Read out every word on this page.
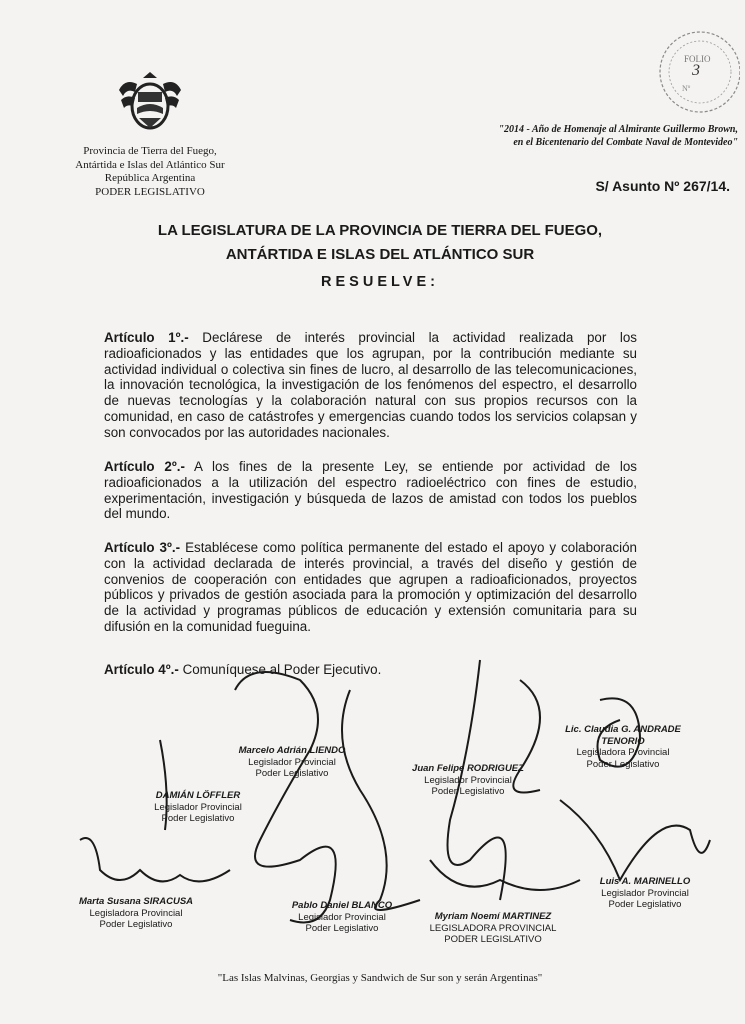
Provincia de Tierra del Fuego,
Antártida e Islas del Atlántico Sur
República Argentina
PODER LEGISLATIVO
FOLIO
3
Nº
"2014 - Año de Homenaje al Almirante Guillermo Brown,
en el Bicentenario del Combate Naval de Montevideo"
S/ Asunto Nº 267/14.
LA LEGISLATURA DE LA PROVINCIA DE TIERRA DEL FUEGO,
ANTÁRTIDA E ISLAS DEL ATLÁNTICO SUR
RESUELVE:
Artículo 1º.- Declárese de interés provincial la actividad realizada por los radioaficionados y las entidades que los agrupan, por la contribución mediante su actividad individual o colectiva sin fines de lucro, al desarrollo de las telecomunicaciones, la innovación tecnológica, la investigación de los fenómenos del espectro, el desarrollo de nuevas tecnologías y la colaboración natural con sus propios recursos con la comunidad, en caso de catástrofes y emergencias cuando todos los servicios colapsan y son convocados por las autoridades nacionales.
Artículo 2º.- A los fines de la presente Ley, se entiende por actividad de los radioaficionados a la utilización del espectro radioeléctrico con fines de estudio, experimentación, investigación y búsqueda de lazos de amistad con todos los pueblos del mundo.
Artículo 3º.- Establécese como política permanente del estado el apoyo y colaboración con la actividad declarada de interés provincial, a través del diseño y gestión de convenios de cooperación con entidades que agrupen a radioaficionados, proyectos públicos y privados de gestión asociada para la promoción y optimización del desarrollo de la actividad y programas públicos de educación y extensión comunitaria para su difusión en la comunidad fueguina.
Artículo 4º.- Comuníquese al Poder Ejecutivo.
Marcelo Adrián LIENDO
Legislador Provincial
Poder Legislativo
Lic. Claudia G. ANDRADE TENORIO
Legisladora Provincial
Poder Legislativo
Juan Felipe RODRIGUEZ
Legislador Provincial
Poder Legislativo
DAMIÁN LÖFFLER
Legislador Provincial
Poder Legislativo
Marta Susana SIRACUSA
Legisladora Provincial
Poder Legislativo
Pablo Daniel BLANCO
Legislador Provincial
Poder Legislativo
Myriam Noemí MARTINEZ
LEGISLADORA PROVINCIAL
PODER LEGISLATIVO
Luis A. MARINELLO
Legislador Provincial
Poder Legislativo
"Las Islas Malvinas, Georgias y Sandwich de Sur son y serán Argentinas"
